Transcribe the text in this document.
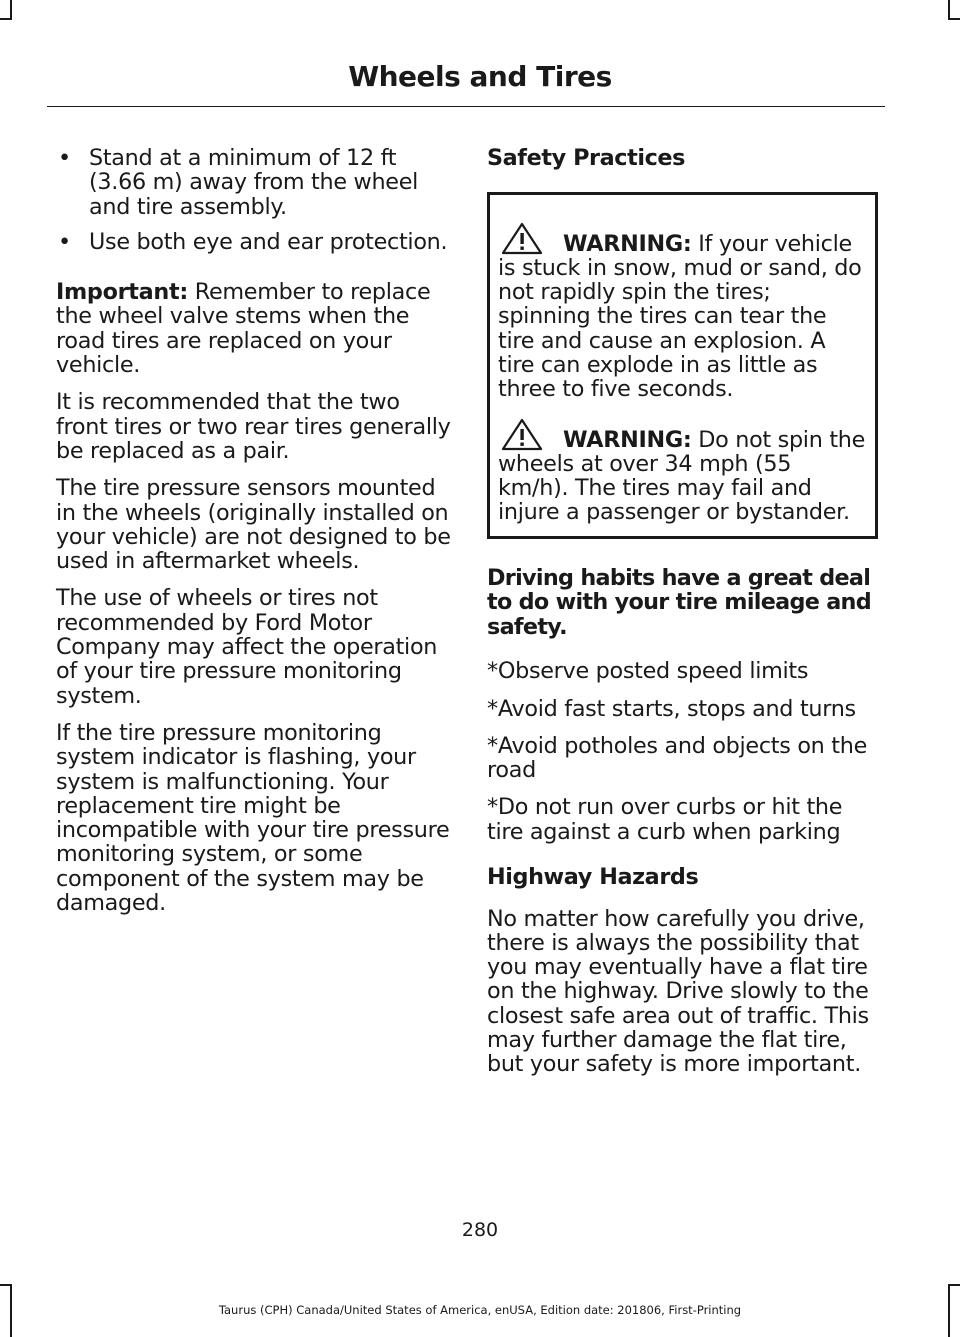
Wheels and Tires
• Stand at a minimum of 12 ft (3.66 m) away from the wheel and tire assembly.
• Use both eye and ear protection.

Important: Remember to replace the wheel valve stems when the road tires are replaced on your vehicle.

It is recommended that the two front tires or two rear tires generally be replaced as a pair.

The tire pressure sensors mounted in the wheels (originally installed on your vehicle) are not designed to be used in aftermarket wheels.

The use of wheels or tires not recommended by Ford Motor Company may affect the operation of your tire pressure monitoring system.

If the tire pressure monitoring system indicator is flashing, your system is malfunctioning. Your replacement tire might be incompatible with your tire pressure monitoring system, or some component of the system may be damaged.

Safety Practices
WARNING: If your vehicle is stuck in snow, mud or sand, do not rapidly spin the tires; spinning the tires can tear the tire and cause an explosion. A tire can explode in as little as three to five seconds.
WARNING: Do not spin the wheels at over 34 mph (55 km/h). The tires may fail and injure a passenger or bystander.
Driving habits have a great deal to do with your tire mileage and safety.

*Observe posted speed limits

*Avoid fast starts, stops and turns

*Avoid potholes and objects on the road

*Do not run over curbs or hit the tire against a curb when parking

Highway Hazards

No matter how carefully you drive, there is always the possibility that you may eventually have a flat tire on the highway. Drive slowly to the closest safe area out of traffic. This may further damage the flat tire, but your safety is more important.

280
Taurus (CPH) Canada/United States of America, enUSA, Edition date: 201806, First-Printing
